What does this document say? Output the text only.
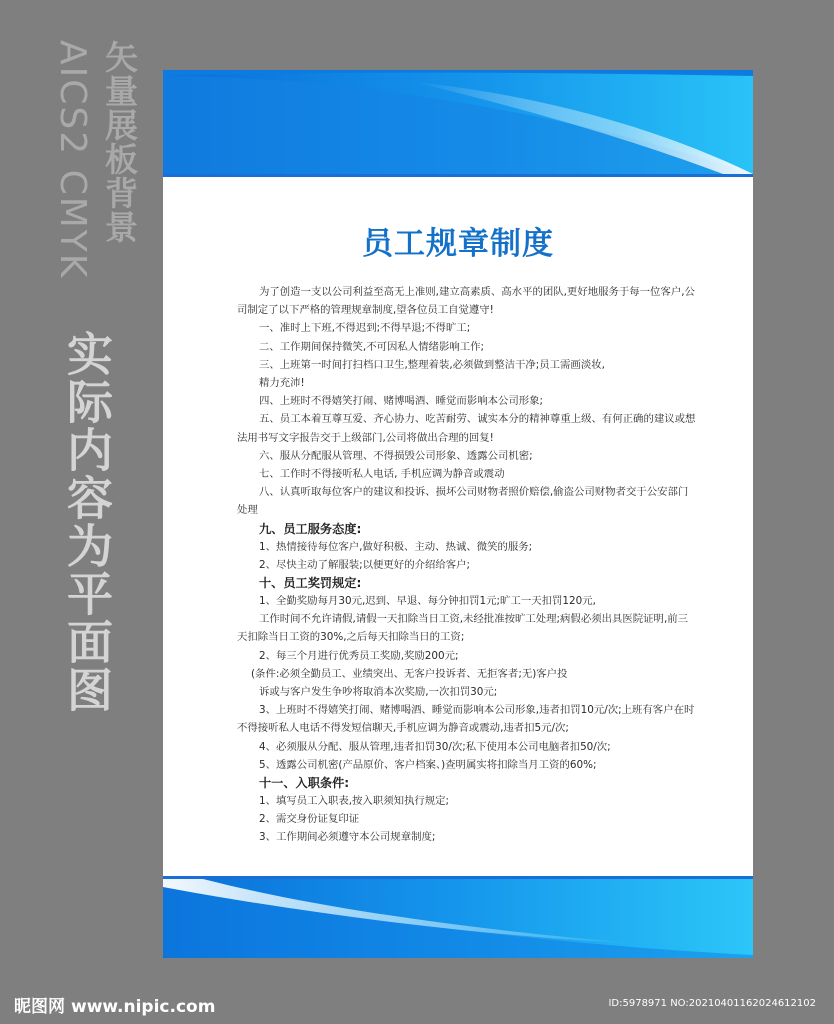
矢量展板背景
AICS2 CMYK
实际内容为平面图
员工规章制度

为了创造一支以公司利益至高无上准则,建立高素质、高水平的团队,更好地服务于每一位客户,公司制定了以下严格的管理规章制度,望各位员工自觉遵守!

一、准时上下班,不得迟到;不得早退;不得旷工;

二、工作期间保持微笑,不可因私人情绪影响工作;

三、上班第一时间打扫档口卫生,整理着装,必须做到整洁干净;员工需画淡妆,

精力充沛!

四、上班时不得嬉笑打闹、赌博喝酒、睡觉而影响本公司形象;

五、员工本着互尊互爱、齐心协力、吃苦耐劳、诚实本分的精神尊重上级、有何正确的建议或想法用书写文字报告交于上级部门,公司将做出合理的回复!

六、服从分配服从管理、不得损毁公司形象、透露公司机密;

七、工作时不得接听私人电话, 手机应调为静音或震动

八、认真听取每位客户的建议和投诉、损坏公司财物者照价赔偿,偷盗公司财物者交于公安部门处理

九、员工服务态度:

1、热情接待每位客户,做好积极、主动、热诚、微笑的服务;

2、尽快主动了解服装;以便更好的介绍给客户;

十、员工奖罚规定:

1、全勤奖励每月30元,迟到、早退、每分钟扣罚1元;旷工一天扣罚120元,

工作时间不允许请假,请假一天扣除当日工资,未经批准按旷工处理;病假必须出具医院证明,前三天扣除当日工资的30%,之后每天扣除当日的工资;

2、每三个月进行优秀员工奖励,奖励200元;

(条件:必须全勤员工、业绩突出、无客户投诉者、无拒客者;无)客户投

诉或与客户发生争吵将取消本次奖励,一次扣罚30元;

3、上班时不得嬉笑打闹、赌博喝酒、睡觉而影响本公司形象,违者扣罚10元/次;上班有客户在时不得接听私人电话不得发短信聊天,手机应调为静音或震动,违者扣5元/次;

4、必须服从分配、服从管理,违者扣罚30/次;私下使用本公司电脑者扣50/次;

5、透露公司机密(产品原价、客户档案、)查明属实将扣除当月工资的60%;

十一、入职条件:

1、填写员工入职表,按入职须知执行规定;

2、需交身份证复印证

3、工作期间必须遵守本公司规章制度;

昵图网 www.nipic.com	ID:5978971 NO:20210401162024612102
